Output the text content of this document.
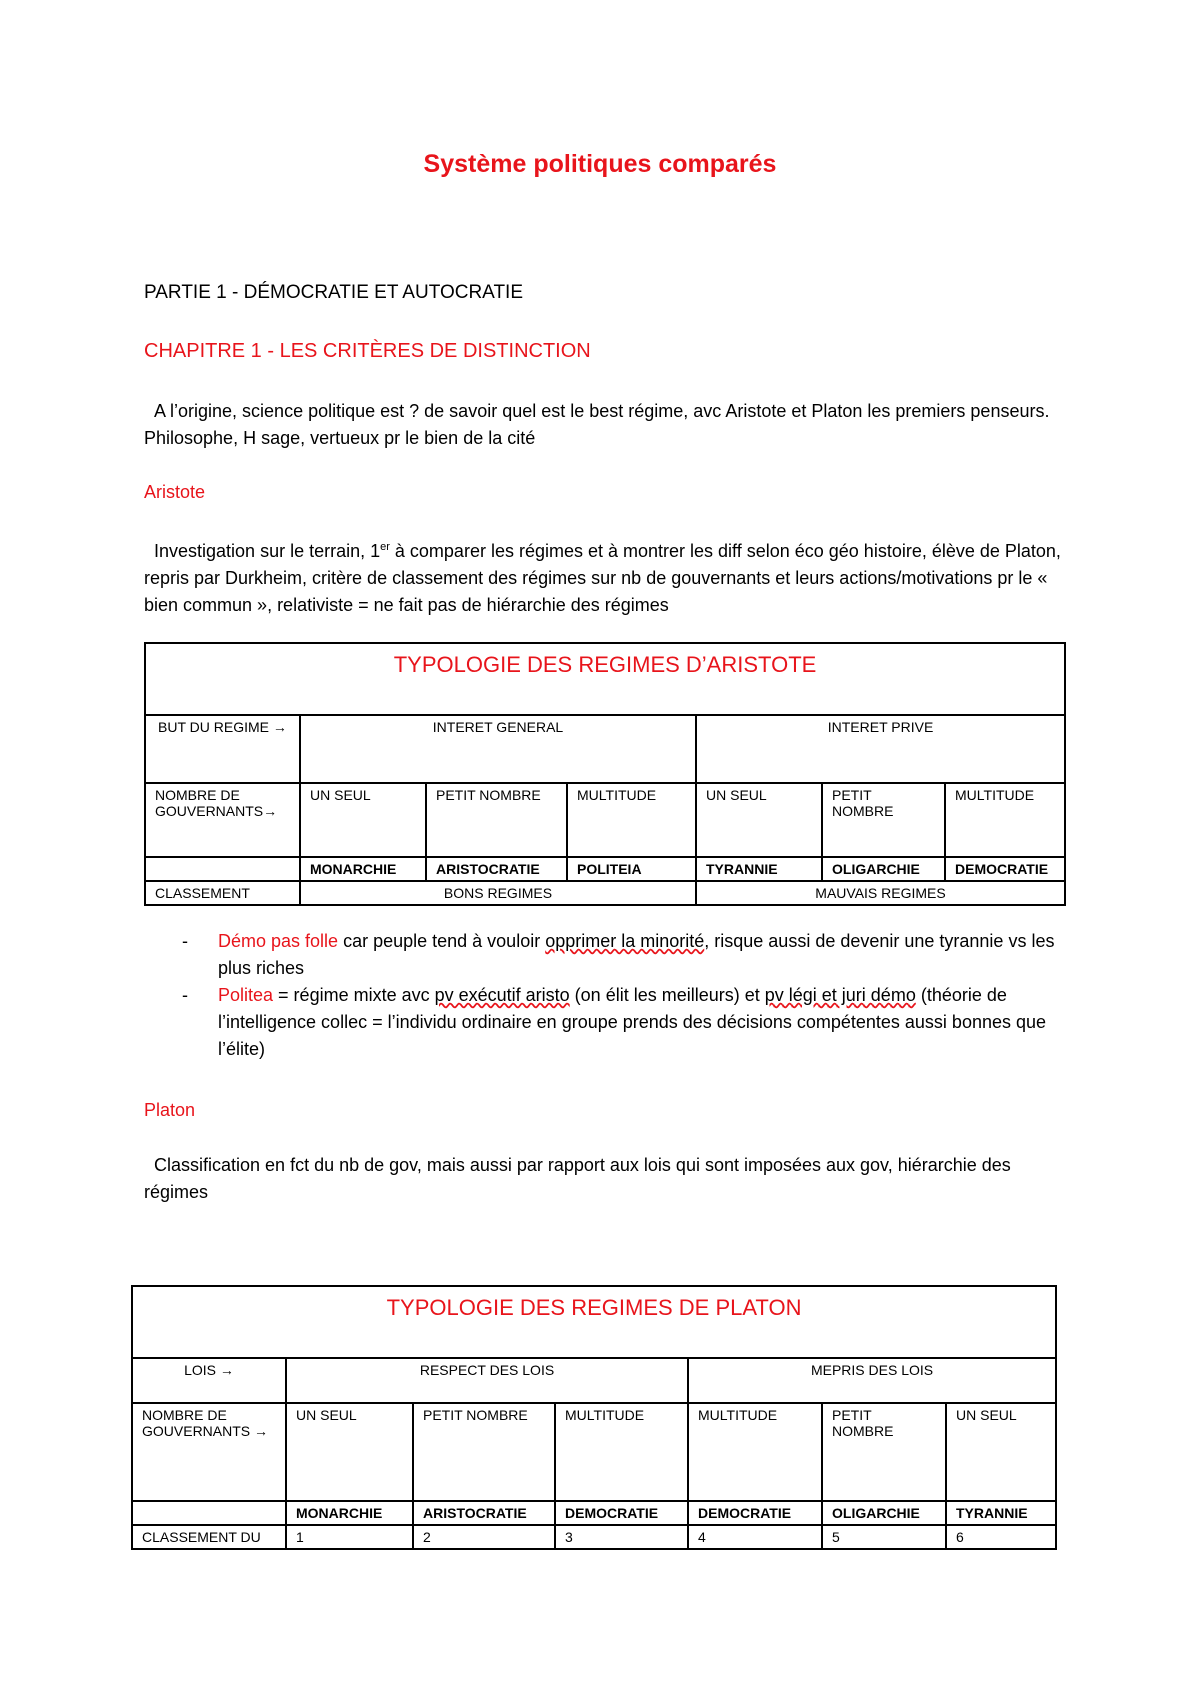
Système politiques comparés
PARTIE 1 - DÉMOCRATIE ET AUTOCRATIE
CHAPITRE 1 - LES CRITÈRES DE DISTINCTION
A l’origine, science politique est ? de savoir quel est le best régime, avc Aristote et Platon les premiers penseurs. Philosophe, H sage, vertueux pr le bien de la cité
Aristote
Investigation sur le terrain, 1er à comparer les régimes et à montrer les diff selon éco géo histoire, élève de Platon, repris par Durkheim, critère de classement des régimes sur nb de gouvernants et leurs actions/motivations pr le « bien commun », relativiste = ne fait pas de hiérarchie des régimes
TYPOLOGIE DES REGIMES D’ARISTOTE						
BUT DU REGIME →	INTERET GENERAL			INTERET PRIVE		
NOMBRE DE GOUVERNANTS→	UN SEUL	PETIT NOMBRE	MULTITUDE	UN SEUL	PETIT NOMBRE	MULTITUDE
	MONARCHIE	ARISTOCRATIE	POLITEIA	TYRANNIE	OLIGARCHIE	DEMOCRATIE
CLASSEMENT	BONS REGIMES			MAUVAIS REGIMES		
- Démo pas folle car peuple tend à vouloir opprimer la minorité, risque aussi de devenir une tyrannie vs les plus riches
- Politea = régime mixte avc pv exécutif aristo (on élit les meilleurs) et pv légi et juri démo (théorie de l’intelligence collec = l’individu ordinaire en groupe prends des décisions compétentes aussi bonnes que l’élite)
Platon
Classification en fct du nb de gov, mais aussi par rapport aux lois qui sont imposées aux gov, hiérarchie des régimes
TYPOLOGIE DES REGIMES DE PLATON						
LOIS →	RESPECT DES LOIS			MEPRIS DES LOIS		
NOMBRE DE GOUVERNANTS →	UN SEUL	PETIT NOMBRE	MULTITUDE	MULTITUDE	PETIT NOMBRE	UN SEUL
	MONARCHIE	ARISTOCRATIE	DEMOCRATIE	DEMOCRATIE	OLIGARCHIE	TYRANNIE
CLASSEMENT DU	1	2	3	4	5	6
